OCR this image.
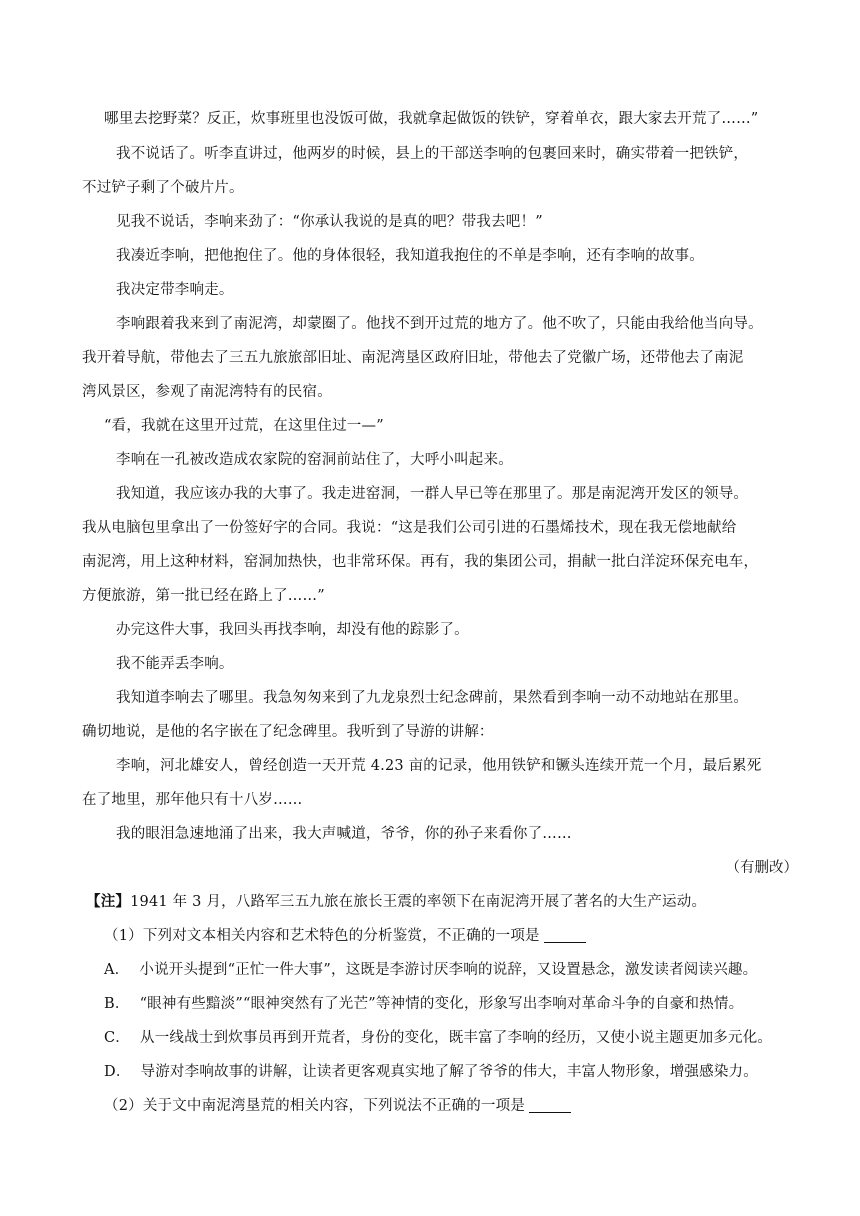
哪里去挖野菜？反正，炊事班里也没饭可做，我就拿起做饭的铁铲，穿着单衣，跟大家去开荒了……”
我不说话了。听李直讲过，他两岁的时候，县上的干部送李响的包裹回来时，确实带着一把铁铲，
不过铲子剩了个破片片。
见我不说话，李响来劲了：“你承认我说的是真的吧？带我去吧！”
我凑近李响，把他抱住了。他的身体很轻，我知道我抱住的不单是李响，还有李响的故事。
我决定带李响走。
李响跟着我来到了南泥湾，却蒙圈了。他找不到开过荒的地方了。他不吹了，只能由我给他当向导。
我开着导航，带他去了三五九旅旅部旧址、南泥湾垦区政府旧址，带他去了党徽广场，还带他去了南泥
湾风景区，参观了南泥湾特有的民宿。
“看，我就在这里开过荒，在这里住过一—”
李响在一孔被改造成农家院的窑洞前站住了，大呼小叫起来。
我知道，我应该办我的大事了。我走进窑洞，一群人早已等在那里了。那是南泥湾开发区的领导。
我从电脑包里拿出了一份签好字的合同。我说：“这是我们公司引进的石墨烯技术，现在我无偿地献给
南泥湾，用上这种材料，窑洞加热快，也非常环保。再有，我的集团公司，捐献一批白洋淀环保充电车，
方便旅游，第一批已经在路上了……”
办完这件大事，我回头再找李响，却没有他的踪影了。
我不能弄丢李响。
我知道李响去了哪里。我急匆匆来到了九龙泉烈士纪念碑前，果然看到李响一动不动地站在那里。
确切地说，是他的名字嵌在了纪念碑里。我听到了导游的讲解：
李响，河北雄安人，曾经创造一天开荒 4.23 亩的记录，他用铁铲和镢头连续开荒一个月，最后累死
在了地里，那年他只有十八岁……
我的眼泪急速地涌了出来，我大声喊道，爷爷，你的孙子来看你了……
（有删改）
【注】1941 年 3 月，八路军三五九旅在旅长王震的率领下在南泥湾开展了著名的大生产运动。
（1）下列对文本相关内容和艺术特色的分析鉴赏，不正确的一项是
A． 小说开头提到“正忙一件大事”，这既是李游讨厌李响的说辞，又设置悬念，激发读者阅读兴趣。
B． “眼神有些黯淡”“眼神突然有了光芒”等神情的变化，形象写出李响对革命斗争的自豪和热情。
C． 从一线战士到炊事员再到开荒者，身份的变化，既丰富了李响的经历，又使小说主题更加多元化。
D． 导游对李响故事的讲解，让读者更客观真实地了解了爷爷的伟大，丰富人物形象，增强感染力。
（2）关于文中南泥湾垦荒的相关内容，下列说法不正确的一项是
